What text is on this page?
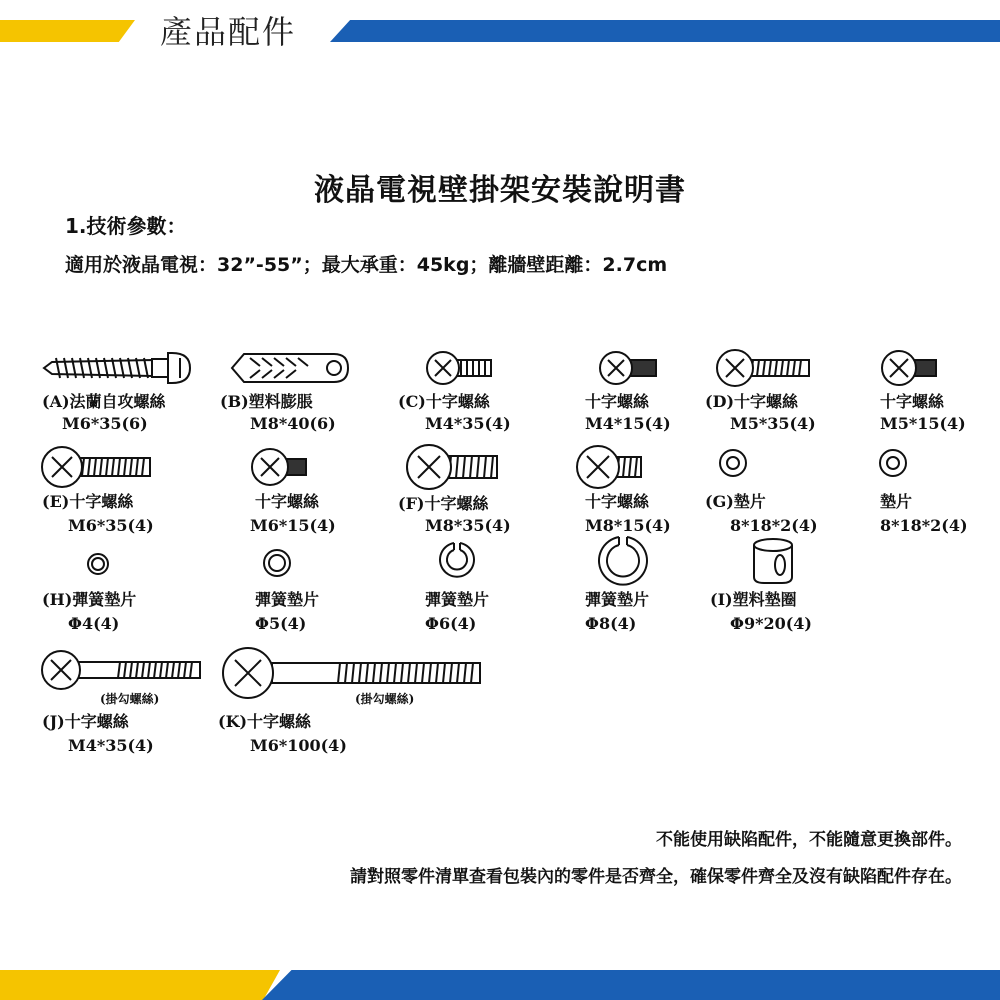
產品配件
液晶電視壁掛架安裝說明書
1.技術參數：
適用於液晶電視：32”-55”；最大承重：45kg；離牆壁距離：2.7cm
(A)法蘭自攻螺絲
M6*35(6)
(B)塑料膨脹
M8*40(6)
(C)十字螺絲
M4*35(4)
十字螺絲
M4*15(4)
(D)十字螺絲
M5*35(4)
十字螺絲
M5*15(4)
(E)十字螺絲
M6*35(4)
十字螺絲
M6*15(4)
(F)十字螺絲
M8*35(4)
十字螺絲
M8*15(4)
(G)墊片
8*18*2(4)
墊片
8*18*2(4)
(H)彈簧墊片
Φ4(4)
彈簧墊片
Φ5(4)
彈簧墊片
Φ6(4)
彈簧墊片
Φ8(4)
(I)塑料墊圈
Φ9*20(4)
(掛勾螺絲)	(掛勾螺絲)
(J)十字螺絲
M4*35(4)
(K)十字螺絲
M6*100(4)
不能使用缺陷配件，不能隨意更換部件。
請對照零件清單查看包裝內的零件是否齊全，確保零件齊全及沒有缺陷配件存在。
